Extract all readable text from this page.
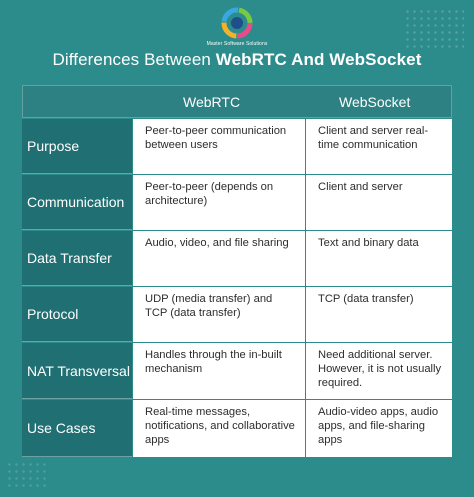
Master Software Solutions
Differences Between WebRTC And WebSocket
WebRTC	WebSocket
Purpose
Peer-to-peer communication between users
Client and server real-time communication
Communication
Peer-to-peer (depends on architecture)
Client and server
Data Transfer
Audio, video, and file sharing	Text and binary data
Protocol
UDP (media transfer) and TCP (data transfer)
TCP (data transfer)
NAT Transversal
Handles through the in-built mechanism
Need additional server. However, it is not usually required.
Use Cases
Real-time messages, notifications, and collaborative apps
Audio-video apps, audio apps, and file-sharing apps
